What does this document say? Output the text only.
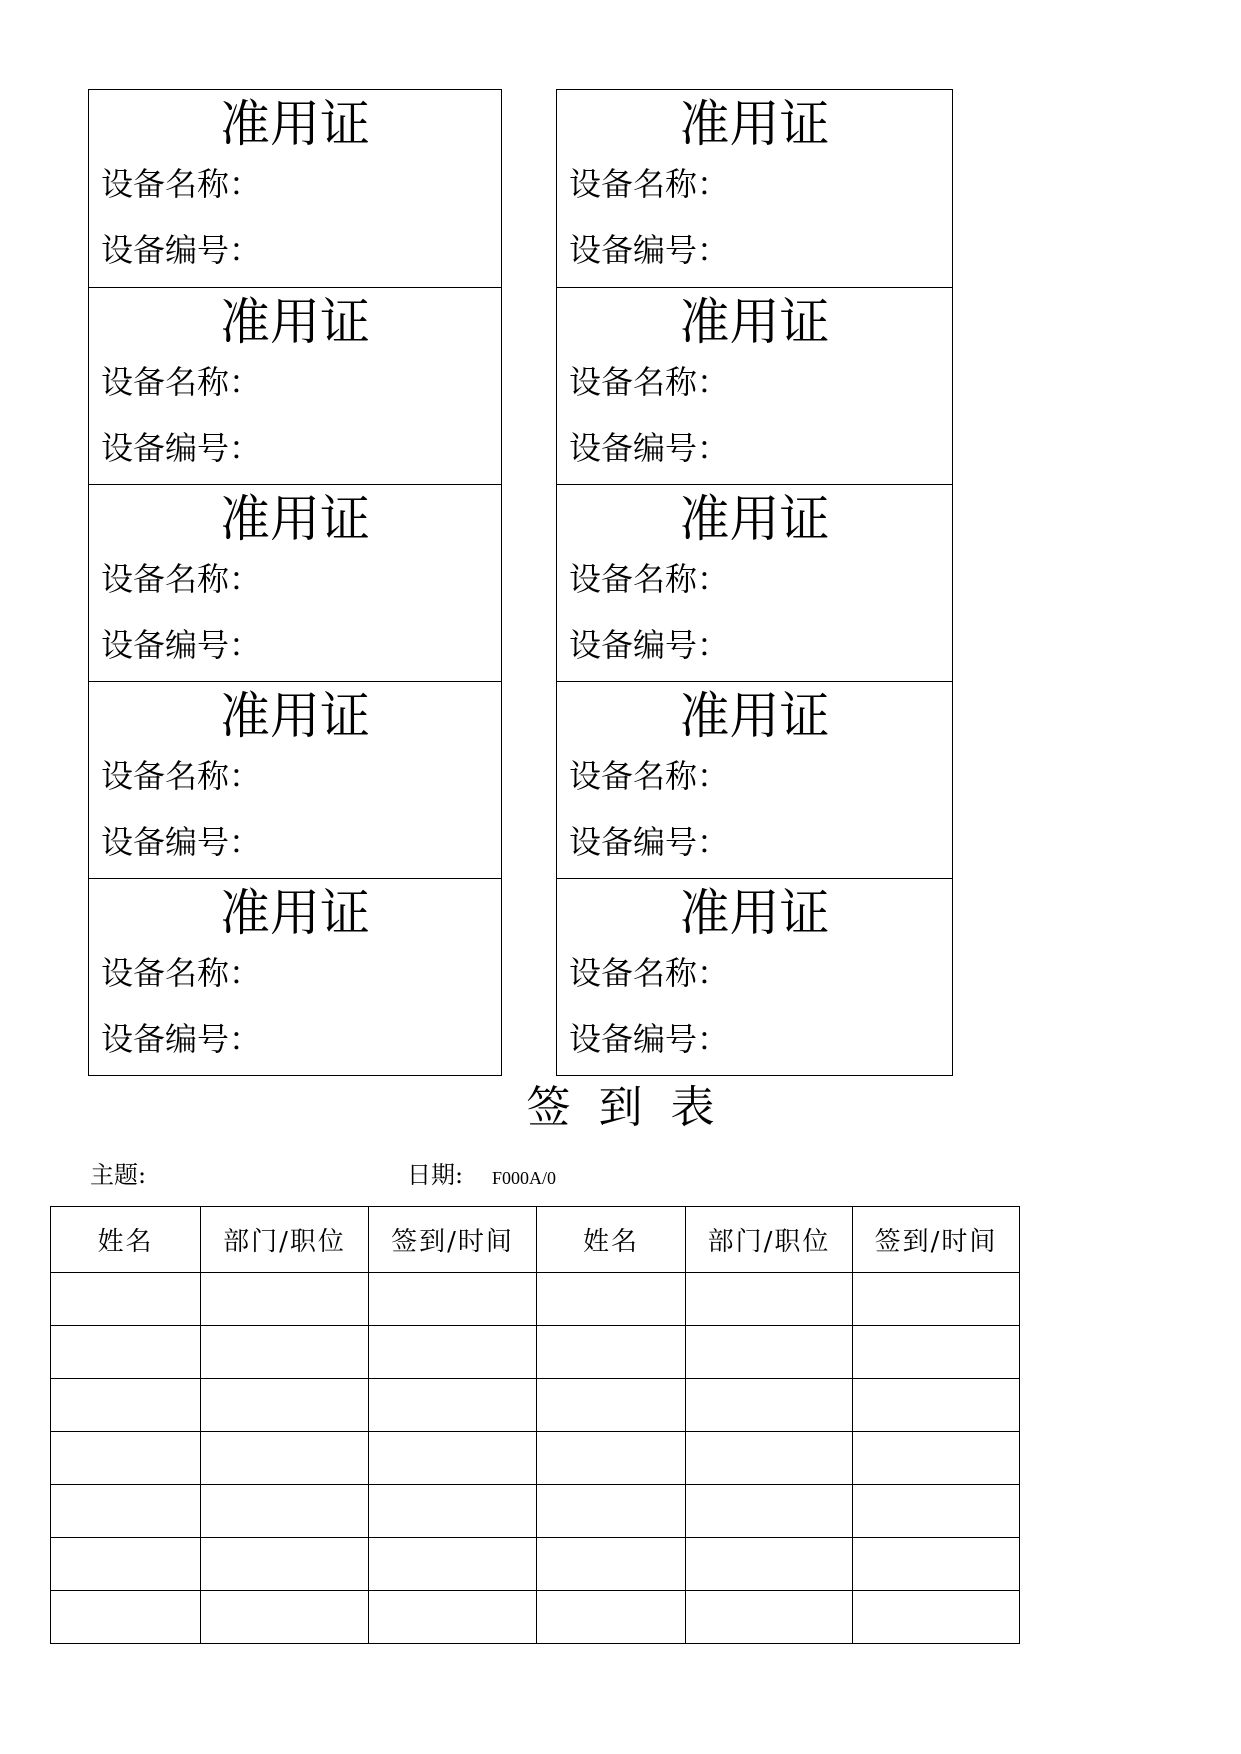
准用证
设备名称：
设备编号：
准用证
设备名称：
设备编号：
准用证
设备名称：
设备编号：
准用证
设备名称：
设备编号：
准用证
设备名称：
设备编号：
准用证
设备名称：
设备编号：
准用证
设备名称：
设备编号：
准用证
设备名称：
设备编号：
准用证
设备名称：
设备编号：
准用证
设备名称：
设备编号：
签到表
主题:	日期: F000A/0
姓名	部门/职位	签到/时间	姓名	部门/职位	签到/时间
